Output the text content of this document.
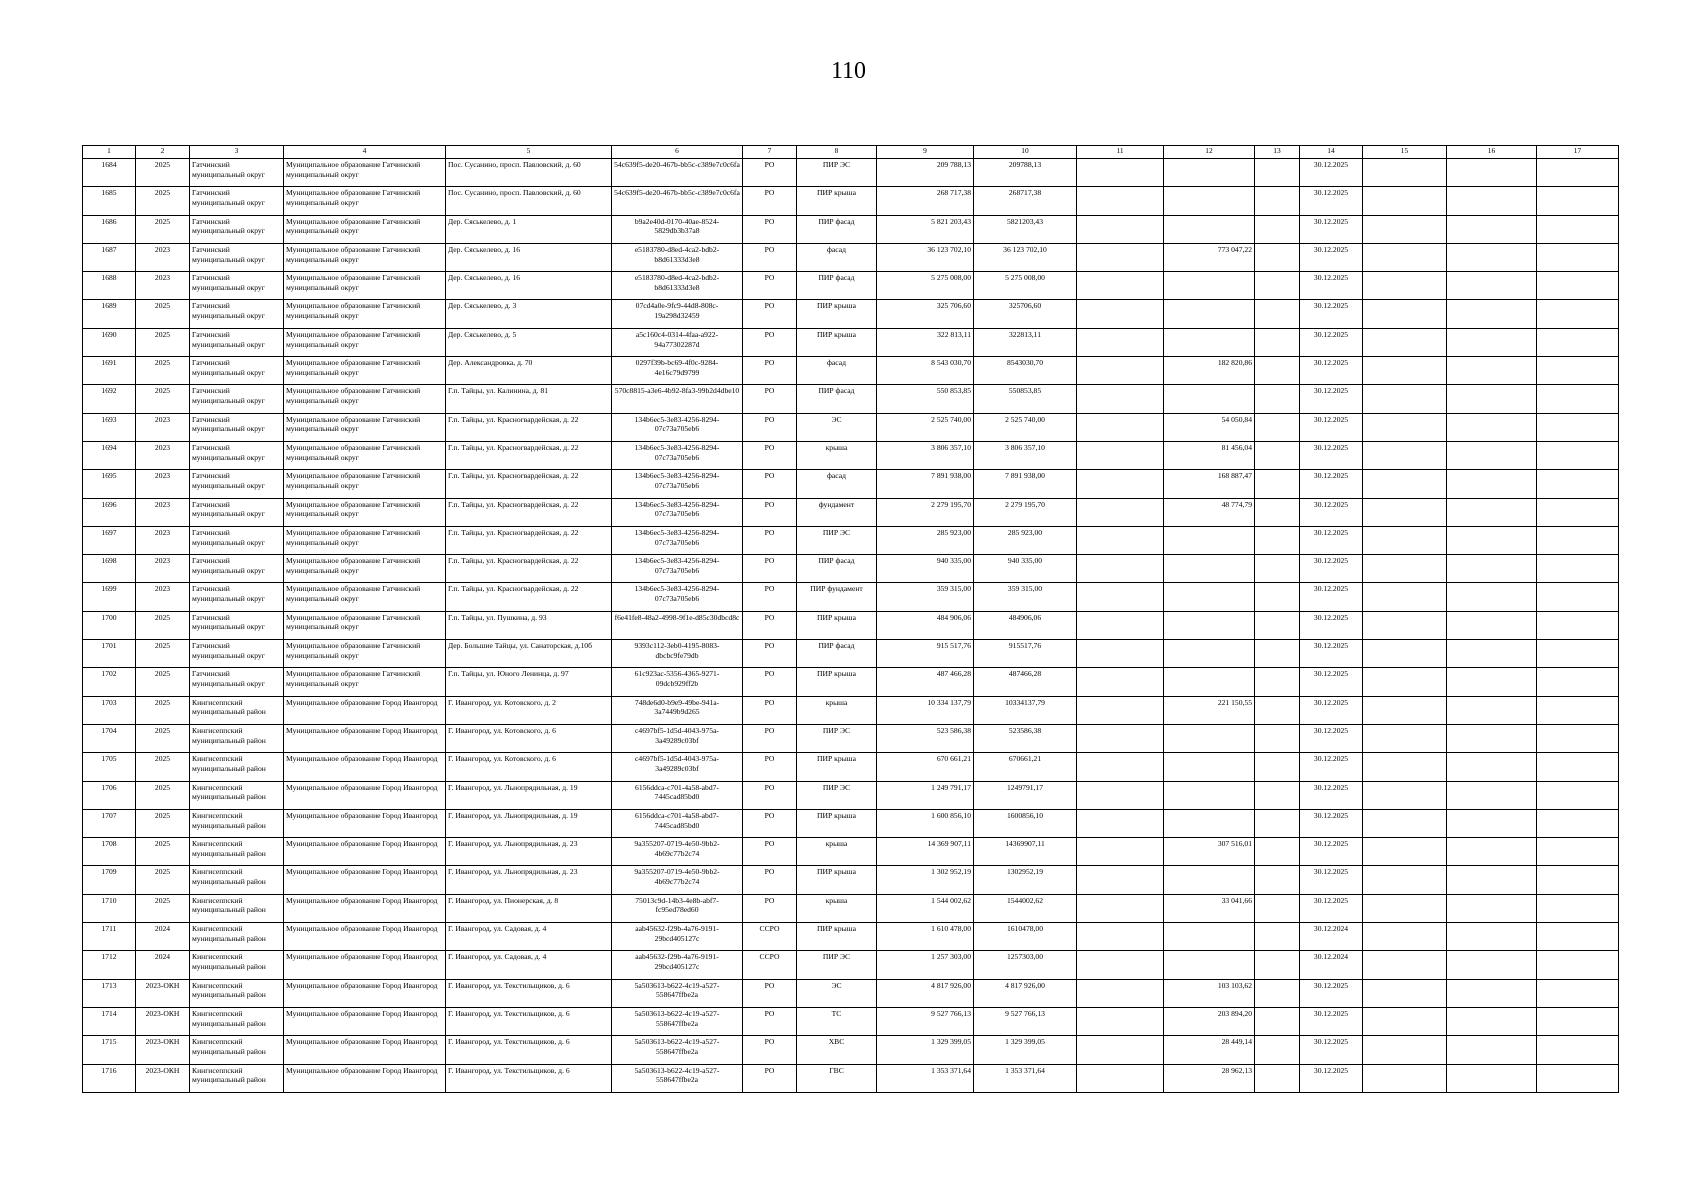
110
1	2	3	4	5	6	7	8	9	10	11	12	13	14	15	16	17
1684	2025	Гатчинский муниципальный округ	Муниципальное образование Гатчинский муниципальный округ	Пос. Сусанино, просп. Павловский, д. 60	54c639f5-de20-467b-bb5c-c389e7c0c6fa	РО	ПИР ЭС	209 788,13	209788,13				30.12.2025			
1685	2025	Гатчинский муниципальный округ	Муниципальное образование Гатчинский муниципальный округ	Пос. Сусанино, просп. Павловский, д. 60	54c639f5-de20-467b-bb5c-c389e7c0c6fa	РО	ПИР крыша	268 717,38	268717,38				30.12.2025			
1686	2025	Гатчинский муниципальный округ	Муниципальное образование Гатчинский муниципальный округ	Дер. Сяськелево, д. 1	b9a2e40d-0170-40ae-8524-5829db3b37a8	РО	ПИР фасад	5 821 203,43	5821203,43				30.12.2025			
1687	2023	Гатчинский муниципальный округ	Муниципальное образование Гатчинский муниципальный округ	Дер. Сяськелево, д. 16	e5183780-d8ed-4ca2-bdb2-b8d61333d3e8	РО	фасад	36 123 702,10	36 123 702,10		773 047,22		30.12.2025			
1688	2023	Гатчинский муниципальный округ	Муниципальное образование Гатчинский муниципальный округ	Дер. Сяськелево, д. 16	e5183780-d8ed-4ca2-bdb2-b8d61333d3e8	РО	ПИР фасад	5 275 008,00	5 275 008,00				30.12.2025			
1689	2025	Гатчинский муниципальный округ	Муниципальное образование Гатчинский муниципальный округ	Дер. Сяськелево, д. 3	07cd4a0e-9fc9-44d8-808c-19a298d32459	РО	ПИР крыша	325 706,60	325706,60				30.12.2025			
1690	2025	Гатчинский муниципальный округ	Муниципальное образование Гатчинский муниципальный округ	Дер. Сяськелево, д. 5	a5c160c4-0314-4faa-a922-94a77302287d	РО	ПИР крыша	322 813,11	322813,11				30.12.2025			
1691	2025	Гатчинский муниципальный округ	Муниципальное образование Гатчинский муниципальный округ	Дер. Александровка, д. 70	0297f39b-bc69-4f0c-9284-4e16c79d9799	РО	фасад	8 543 030,70	8543030,70		182 820,86		30.12.2025			
1692	2025	Гатчинский муниципальный округ	Муниципальное образование Гатчинский муниципальный округ	Г.п. Тайцы, ул. Калинина, д. 81	570c8815-a3e6-4b92-8fa3-99b2d4dbe10	РО	ПИР фасад	550 853,85	550853,85				30.12.2025			
1693	2023	Гатчинский муниципальный округ	Муниципальное образование Гатчинский муниципальный округ	Г.п. Тайцы, ул. Красногвардейская, д. 22	134b6ec5-3e83-4256-8294-07c73a705eb6	РО	ЭС	2 525 740,00	2 525 740,00		54 050,84		30.12.2025			
1694	2023	Гатчинский муниципальный округ	Муниципальное образование Гатчинский муниципальный округ	Г.п. Тайцы, ул. Красногвардейская, д. 22	134b6ec5-3e83-4256-8294-07c73a705eb6	РО	крыша	3 806 357,10	3 806 357,10		81 456,04		30.12.2025			
1695	2023	Гатчинский муниципальный округ	Муниципальное образование Гатчинский муниципальный округ	Г.п. Тайцы, ул. Красногвардейская, д. 22	134b6ec5-3e83-4256-8294-07c73a705eb6	РО	фасад	7 891 938,00	7 891 938,00		168 887,47		30.12.2025			
1696	2023	Гатчинский муниципальный округ	Муниципальное образование Гатчинский муниципальный округ	Г.п. Тайцы, ул. Красногвардейская, д. 22	134b6ec5-3e83-4256-8294-07c73a705eb6	РО	фундамент	2 279 195,70	2 279 195,70		48 774,79		30.12.2025			
1697	2023	Гатчинский муниципальный округ	Муниципальное образование Гатчинский муниципальный округ	Г.п. Тайцы, ул. Красногвардейская, д. 22	134b6ec5-3e83-4256-8294-07c73a705eb6	РО	ПИР ЭС	285 923,00	285 923,00				30.12.2025			
1698	2023	Гатчинский муниципальный округ	Муниципальное образование Гатчинский муниципальный округ	Г.п. Тайцы, ул. Красногвардейская, д. 22	134b6ec5-3e83-4256-8294-07c73a705eb6	РО	ПИР фасад	940 335,00	940 335,00				30.12.2025			
1699	2023	Гатчинский муниципальный округ	Муниципальное образование Гатчинский муниципальный округ	Г.п. Тайцы, ул. Красногвардейская, д. 22	134b6ec5-3e83-4256-8294-07c73a705eb6	РО	ПИР фундамент	359 315,00	359 315,00				30.12.2025			
1700	2025	Гатчинский муниципальный округ	Муниципальное образование Гатчинский муниципальный округ	Г.п. Тайцы, ул. Пушкина, д. 93	f6e41fe8-48a2-4998-9f1e-d85c30dbcd8c	РО	ПИР крыша	484 906,06	484906,06				30.12.2025			
1701	2025	Гатчинский муниципальный округ	Муниципальное образование Гатчинский муниципальный округ	Дер. Большие Тайцы, ул. Санаторская, д.10б	9393c112-3eb0-4195-8083-dbcbc9fe79db	РО	ПИР фасад	915 517,76	915517,76				30.12.2025			
1702	2025	Гатчинский муниципальный округ	Муниципальное образование Гатчинский муниципальный округ	Г.п. Тайцы, ул. Юного Ленинца, д. 97	61c923ac-5356-4365-9271-09dcb929ff2b	РО	ПИР крыша	487 466,28	487466,28				30.12.2025			
1703	2025	Кингисеппский муниципальный район	Муниципальное образование Город Ивангород	Г. Ивангород, ул. Котовского, д. 2	748de6d0-b9e9-49be-941a-3a7449b9d265	РО	крыша	10 334 137,79	10334137,79		221 150,55		30.12.2025			
1704	2025	Кингисеппский муниципальный район	Муниципальное образование Город Ивангород	Г. Ивангород, ул. Котовского, д. 6	c4697bf5-1d5d-4043-975a-3a49289c03bf	РО	ПИР ЭС	523 586,38	523586,38				30.12.2025			
1705	2025	Кингисеппский муниципальный район	Муниципальное образование Город Ивангород	Г. Ивангород, ул. Котовского, д. 6	c4697bf5-1d5d-4043-975a-3a49289c03bf	РО	ПИР крыша	670 661,21	670661,21				30.12.2025			
1706	2025	Кингисеппский муниципальный район	Муниципальное образование Город Ивангород	Г. Ивангород, ул. Льнопрядильная, д. 19	6156ddca-c701-4a58-abd7-7445cad85bd0	РО	ПИР ЭС	1 249 791,17	1249791,17				30.12.2025			
1707	2025	Кингисеппский муниципальный район	Муниципальное образование Город Ивангород	Г. Ивангород, ул. Льнопрядильная, д. 19	6156ddca-c701-4a58-abd7-7445cad85bd0	РО	ПИР крыша	1 600 856,10	1600856,10				30.12.2025			
1708	2025	Кингисеппский муниципальный район	Муниципальное образование Город Ивангород	Г. Ивангород, ул. Льнопрядильная, д. 23	9a355207-0719-4e50-9bb2-4b69c77b2c74	РО	крыша	14 369 907,11	14369907,11		307 516,01		30.12.2025			
1709	2025	Кингисеппский муниципальный район	Муниципальное образование Город Ивангород	Г. Ивангород, ул. Льнопрядильная, д. 23	9a355207-0719-4e50-9bb2-4b69c77b2c74	РО	ПИР крыша	1 302 952,19	1302952,19				30.12.2025			
1710	2025	Кингисеппский муниципальный район	Муниципальное образование Город Ивангород	Г. Ивангород, ул. Пионерская, д. 8	75013c9d-14b3-4e8b-abf7-fc95ed78ed60	РО	крыша	1 544 002,62	1544002,62		33 041,66		30.12.2025			
1711	2024	Кингисеппский муниципальный район	Муниципальное образование Город Ивангород	Г. Ивангород, ул. Садовая, д. 4	aab45632-f29b-4a76-9191-29bcd405127c	ССРО	ПИР крыша	1 610 478,00	1610478,00				30.12.2024			
1712	2024	Кингисеппский муниципальный район	Муниципальное образование Город Ивангород	Г. Ивангород, ул. Садовая, д. 4	aab45632-f29b-4a76-9191-29bcd405127c	ССРО	ПИР ЭС	1 257 303,00	1257303,00				30.12.2024			
1713	2023-ОКН	Кингисеппский муниципальный район	Муниципальное образование Город Ивангород	Г. Ивангород, ул. Текстильщиков, д. 6	5a503613-b622-4c19-a527-558647ffbe2a	РО	ЭС	4 817 926,00	4 817 926,00		103 103,62		30.12.2025			
1714	2023-ОКН	Кингисеппский муниципальный район	Муниципальное образование Город Ивангород	Г. Ивангород, ул. Текстильщиков, д. 6	5a503613-b622-4c19-a527-558647ffbe2a	РО	ТС	9 527 766,13	9 527 766,13		203 894,20		30.12.2025			
1715	2023-ОКН	Кингисеппский муниципальный район	Муниципальное образование Город Ивангород	Г. Ивангород, ул. Текстильщиков, д. 6	5a503613-b622-4c19-a527-558647ffbe2a	РО	ХВС	1 329 399,05	1 329 399,05		28 449,14		30.12.2025			
1716	2023-ОКН	Кингисеппский муниципальный район	Муниципальное образование Город Ивангород	Г. Ивангород, ул. Текстильщиков, д. 6	5a503613-b622-4c19-a527-558647ffbe2a	РО	ГВС	1 353 371,64	1 353 371,64		28 962,13		30.12.2025			
